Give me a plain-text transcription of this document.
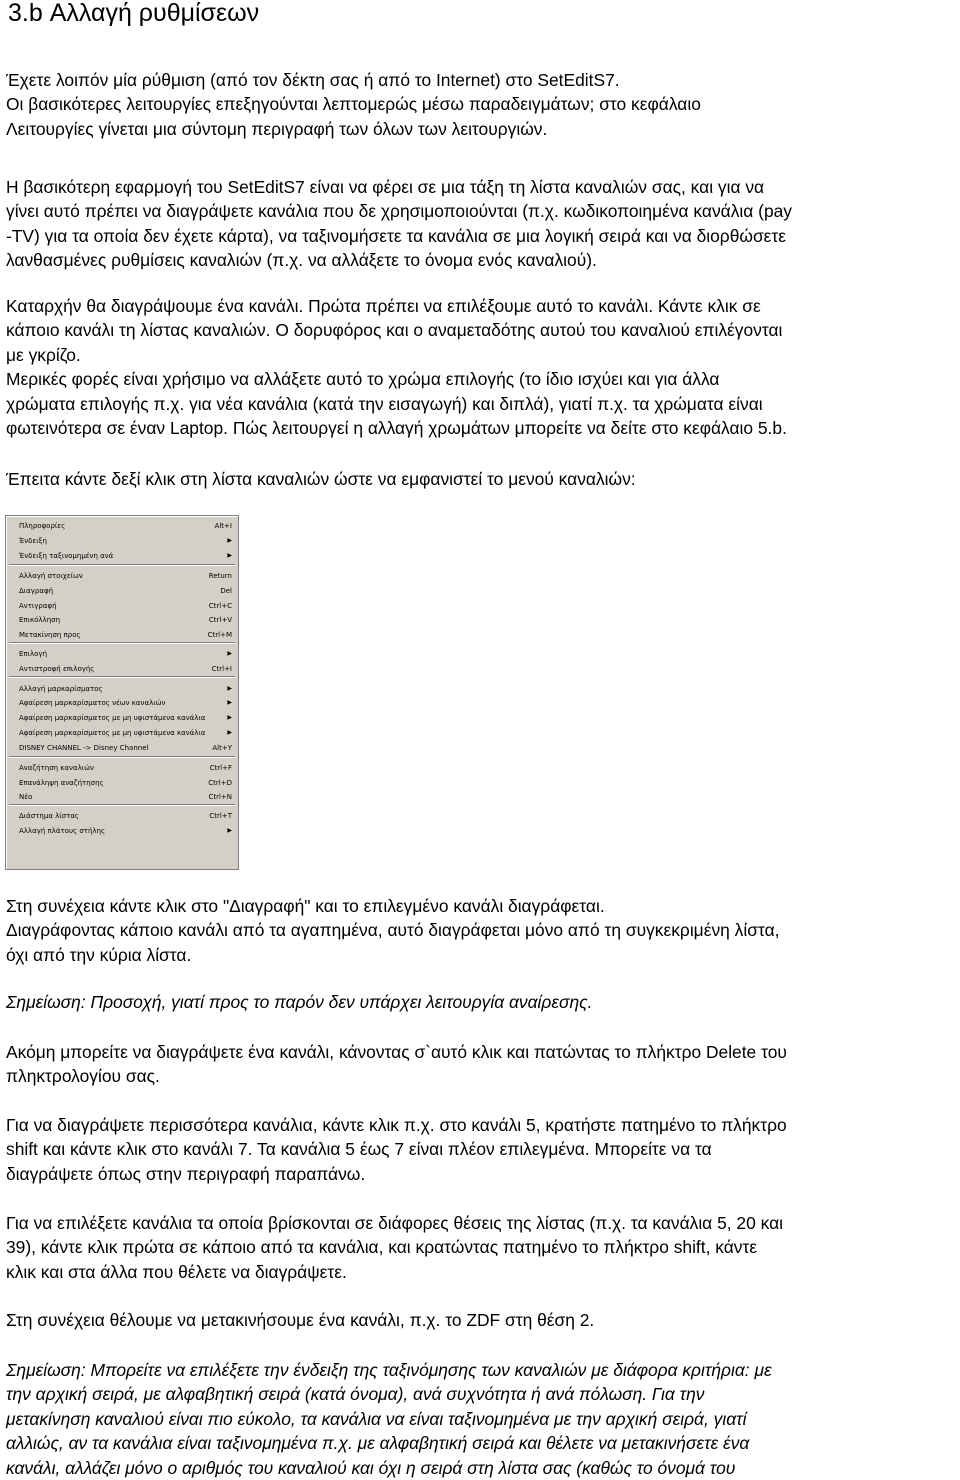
3.b Αλλαγή ρυθμίσεων

Έχετε λοιπόν μία ρύθμιση (από τον δέκτη σας ή από το Internet) στο SetEditS7.
Οι βασικότερες λειτουργίες επεξηγούνται λεπτομερώς μέσω παραδειγμάτων; στο κεφάλαιο
Λειτουργίες γίνεται μια σύντομη περιγραφή των όλων των λειτουργιών.

Η βασικότερη εφαρμογή του SetEditS7 είναι να φέρει σε μια τάξη τη λίστα καναλιών σας, και για να
γίνει αυτό πρέπει να διαγράψετε κανάλια που δε χρησιμοποιούνται (π.χ. κωδικοποιημένα κανάλια (pay
-TV) για τα οποία δεν έχετε κάρτα), να ταξινομήσετε τα κανάλια σε μια λογική σειρά και να διορθώσετε
λανθασμένες ρυθμίσεις καναλιών (π.χ. να αλλάξετε το όνομα ενός καναλιού).

Καταρχήν θα διαγράψουμε ένα κανάλι. Πρώτα πρέπει να επιλέξουμε αυτό το κανάλι. Κάντε κλικ σε
κάποιο κανάλι τη λίστας καναλιών. Ο δορυφόρος και ο αναμεταδότης αυτού του καναλιού επιλέγονται
με γκρίζο.
Μερικές φορές είναι χρήσιμο να αλλάξετε αυτό το χρώμα επιλογής (το ίδιο ισχύει και για άλλα
χρώματα επιλογής π.χ. για νέα κανάλια (κατά την εισαγωγή) και διπλά), γιατί π.χ. τα χρώματα είναι
φωτεινότερα σε έναν Laptop. Πώς λειτουργεί η αλλαγή χρωμάτων μπορείτε να δείτε στο κεφάλαιο 5.b.

Έπειτα κάντε δεξί κλικ στη λίστα καναλιών ώστε να εμφανιστεί το μενού καναλιών:

Πληροφορίες	Alt+I
Ένδειξη	▶
Ένδειξη ταξινομημένη ανά	▶
Αλλαγή στοιχείων	Return
Διαγραφή	Del
Αντιγραφή	Ctrl+C
Επικόλληση	Ctrl+V
Μετακίνηση προς	Ctrl+M
Επιλογή	▶
Αντιστροφή επιλογής	Ctrl+I
Αλλαγή μαρκαρίσματος	▶
Αφαίρεση μαρκαρίσματος νέων καναλιών	▶
Αφαίρεση μαρκαρίσματος με μη υφιστάμενα κανάλια	▶
Αφαίρεση μαρκαρίσματος με μη υφιστάμενα κανάλια	▶
DISNEY CHANNEL -> Disney Channel	Alt+Y
Αναζήτηση καναλιών	Ctrl+F
Επανάληψη αναζήτησης	Ctrl+D
Νέο	Ctrl+N
Διάστημα λίστας	Ctrl+T
Αλλαγή πλάτους στήλης	▶

Στη συνέχεια κάντε κλικ στο "Διαγραφή" και το επιλεγμένο κανάλι διαγράφεται.
Διαγράφοντας κάποιο κανάλι από τα αγαπημένα, αυτό διαγράφεται μόνο από τη συγκεκριμένη λίστα,
όχι από την κύρια λίστα.

Σημείωση: Προσοχή, γιατί προς το παρόν δεν υπάρχει λειτουργία αναίρεσης.

Ακόμη μπορείτε να διαγράψετε ένα κανάλι, κάνοντας σ`αυτό κλικ και πατώντας το πλήκτρο Delete του
πληκτρολογίου σας.

Για να διαγράψετε περισσότερα κανάλια, κάντε κλικ π.χ. στο κανάλι 5, κρατήστε πατημένο το πλήκτρο
shift και κάντε κλικ στο κανάλι 7. Τα κανάλια 5 έως 7 είναι πλέον επιλεγμένα. Μπορείτε να τα
διαγράψετε όπως στην περιγραφή παραπάνω.

Για να επιλέξετε κανάλια τα οποία βρίσκονται σε διάφορες θέσεις της λίστας (π.χ. τα κανάλια 5, 20 και
39), κάντε κλικ πρώτα σε κάποιο από τα κανάλια, και κρατώντας πατημένο το πλήκτρο shift, κάντε
κλικ και στα άλλα που θέλετε να διαγράψετε.

Στη συνέχεια θέλουμε να μετακινήσουμε ένα κανάλι, π.χ. το ZDF στη θέση 2.

Σημείωση: Μπορείτε να επιλέξετε την ένδειξη της ταξινόμησης των καναλιών με διάφορα κριτήρια: με
την αρχική σειρά, με αλφαβητική σειρά (κατά όνομα), ανά συχνότητα ή ανά πόλωση. Για την
μετακίνηση καναλιού είναι πιο εύκολο, τα κανάλια να είναι ταξινομημένα με την αρχική σειρά, γιατί
αλλιώς, αν τα κανάλια είναι ταξινομημένα π.χ. με αλφαβητική σειρά και θέλετε να μετακινήσετε ένα
κανάλι, αλλάζει μόνο ο αριθμός του καναλιού και όχι η σειρά στη λίστα σας (καθώς το όνομά του
